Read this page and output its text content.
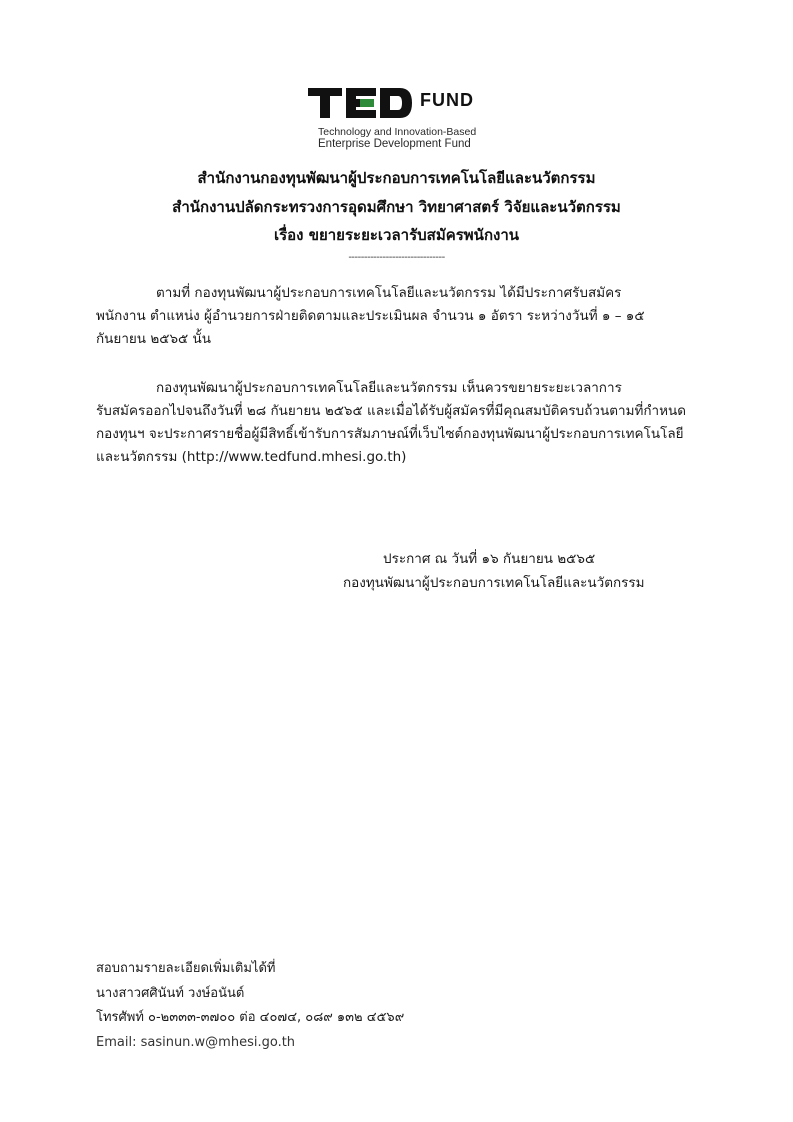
FUND
Technology and Innovation-Based
Enterprise Development Fund
สำนักงานกองทุนพัฒนาผู้ประกอบการเทคโนโลยีและนวัตกรรม
สำนักงานปลัดกระทรวงการอุดมศึกษา วิทยาศาสตร์ วิจัยและนวัตกรรม
เรื่อง ขยายระยะเวลารับสมัครพนักงาน
-------------------------------
ตามที่ กองทุนพัฒนาผู้ประกอบการเทคโนโลยีและนวัตกรรม ได้มีประกาศรับสมัคร
พนักงาน ตำแหน่ง ผู้อำนวยการฝ่ายติดตามและประเมินผล จำนวน ๑ อัตรา ระหว่างวันที่ ๑ – ๑๕
กันยายน ๒๕๖๕ นั้น
กองทุนพัฒนาผู้ประกอบการเทคโนโลยีและนวัตกรรม เห็นควรขยายระยะเวลาการ
รับสมัครออกไปจนถึงวันที่ ๒๘ กันยายน ๒๕๖๕ และเมื่อได้รับผู้สมัครที่มีคุณสมบัติครบถ้วนตามที่กำหนด
กองทุนฯ จะประกาศรายชื่อผู้มีสิทธิ์เข้ารับการสัมภาษณ์ที่เว็บไซต์กองทุนพัฒนาผู้ประกอบการเทคโนโลยี
และนวัตกรรม (http://www.tedfund.mhesi.go.th)
ประกาศ ณ วันที่ ๑๖ กันยายน ๒๕๖๕
กองทุนพัฒนาผู้ประกอบการเทคโนโลยีและนวัตกรรม
สอบถามรายละเอียดเพิ่มเติมได้ที่
นางสาวศศินันท์ วงษ์อนันต์
โทรศัพท์ ๐-๒๓๓๓-๓๗๐๐ ต่อ ๔๐๗๔, ๐๘๙ ๑๓๒ ๔๕๖๙
Email: sasinun.w@mhesi.go.th
